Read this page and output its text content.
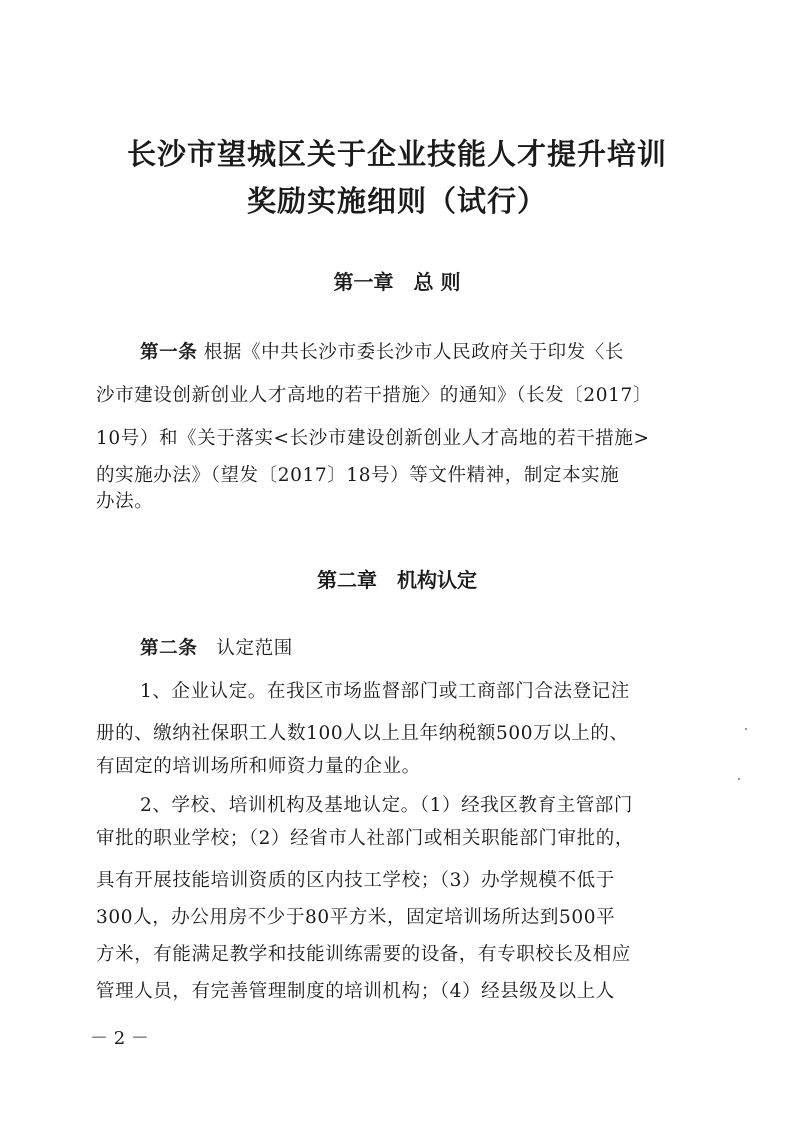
长沙市望城区关于企业技能人才提升培训
奖励实施细则（试行）
第一章　总 则
第一条 根据《中共长沙市委长沙市人民政府关于印发〈长
沙市建设创新创业人才高地的若干措施〉的通知》（长发〔2017〕
10号）和《关于落实<长沙市建设创新创业人才高地的若干措施>
的实施办法》（望发〔2017〕18号）等文件精神，制定本实施
办法。
第二章　机构认定
第二条　认定范围
1、企业认定。在我区市场监督部门或工商部门合法登记注
册的、缴纳社保职工人数100人以上且年纳税额500万以上的、
有固定的培训场所和师资力量的企业。
2、学校、培训机构及基地认定。（1）经我区教育主管部门
审批的职业学校；（2）经省市人社部门或相关职能部门审批的，
具有开展技能培训资质的区内技工学校；（3）办学规模不低于
300人，办公用房不少于80平方米，固定培训场所达到500平
方米，有能满足教学和技能训练需要的设备，有专职校长及相应
管理人员，有完善管理制度的培训机构；（4）经县级及以上人
－ 2 －
